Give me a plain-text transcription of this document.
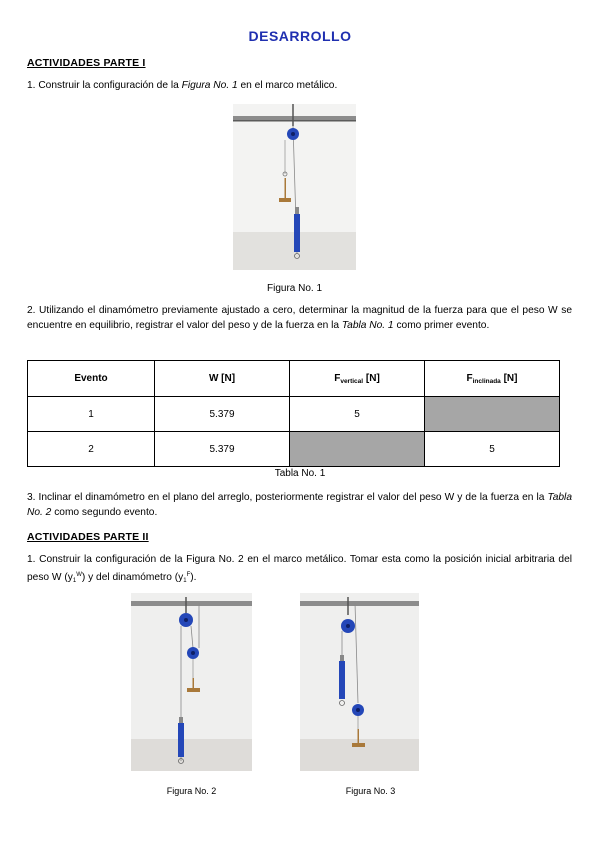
DESARROLLO
ACTIVIDADES PARTE I
1. Construir la configuración de la Figura No. 1 en el marco metálico.
Figura No. 1
2. Utilizando el dinamómetro previamente ajustado a cero, determinar la magnitud de la fuerza para que el peso W se encuentre en equilibrio, registrar el valor del peso y de la fuerza en la Tabla No. 1 como primer evento.
Evento	W [N]	$F_{vertical}$ [N]	$F_{inclinada}$ [N]
1	5.379	5	
2	5.379		5
Tabla No. 1
3. Inclinar el dinamómetro en el plano del arreglo, posteriormente registrar el valor del peso W y de la fuerza en la Tabla No. 2 como segundo evento.
ACTIVIDADES PARTE II
1. Construir la configuración de la Figura No. 2 en el marco metálico. Tomar esta como la posición inicial arbitraria del peso W $(y1^W)$ y del dinamómetro $(y1^F)$.
Figura No. 2	Figura No. 3
